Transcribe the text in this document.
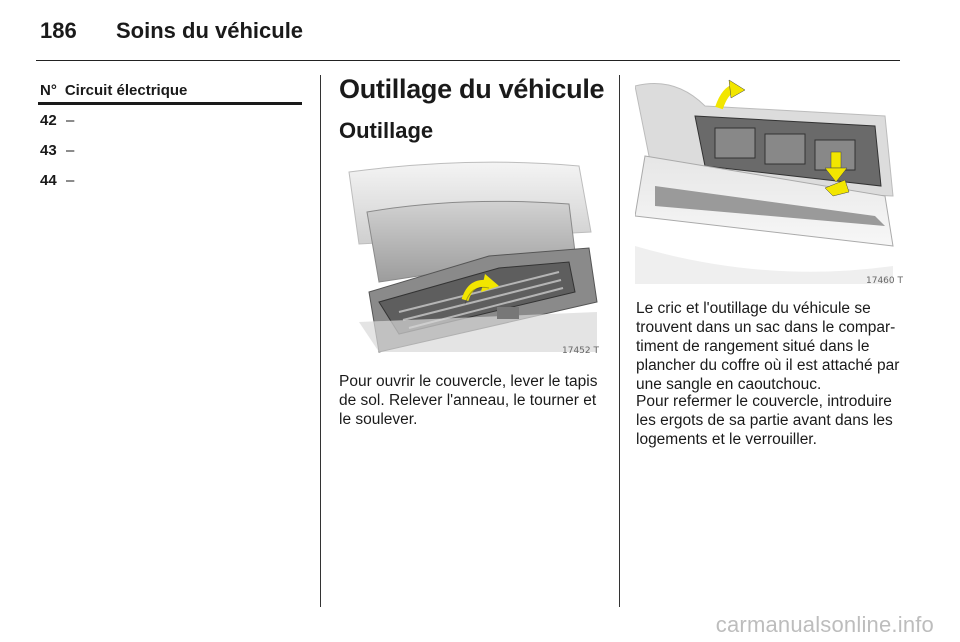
186 Soins du véhicule
N° Circuit électrique
42 –
43 –
44 –
Outillage du véhicule
Outillage
17452 T

Pour ouvrir le couvercle, lever le tapis de sol. Relever l'anneau, le tourner et le soulever.

17460 T

Le cric et l'outillage du véhicule se trouvent dans un sac dans le compar-timent de rangement situé dans le plancher du coffre où il est attaché par une sangle en caoutchouc.

Pour refermer le couvercle, introduire les ergots de sa partie avant dans les logements et le verrouiller.

carmanualsonline.info
